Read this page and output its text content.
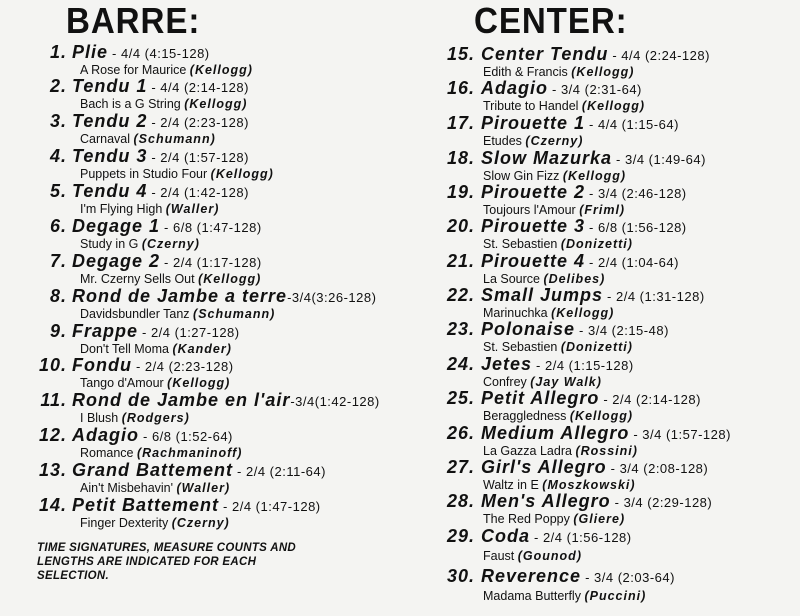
BARRE:
1. Plie - 4/4 (4:15-128)
A Rose for Maurice (Kellogg)
2. Tendu 1 - 4/4 (2:14-128)
Bach is a G String (Kellogg)
3. Tendu 2 - 2/4 (2:23-128)
Carnaval (Schumann)
4. Tendu 3 - 2/4 (1:57-128)
Puppets in Studio Four (Kellogg)
5. Tendu 4 - 2/4 (1:42-128)
I'm Flying High (Waller)
6. Degage 1 - 6/8 (1:47-128)
Study in G (Czerny)
7. Degage 2 - 2/4 (1:17-128)
Mr. Czerny Sells Out (Kellogg)
8. Rond de Jambe a terre-3/4(3:26-128)
Davidsbundler Tanz (Schumann)
9. Frappe - 2/4 (1:27-128)
Don't Tell Moma (Kander)
10. Fondu - 2/4 (2:23-128)
Tango d'Amour (Kellogg)
11. Rond de Jambe en l'air-3/4(1:42-128)
I Blush (Rodgers)
12. Adagio - 6/8 (1:52-64)
Romance (Rachmaninoff)
13. Grand Battement - 2/4 (2:11-64)
Ain't Misbehavin' (Waller)
14. Petit Battement - 2/4 (1:47-128)
Finger Dexterity (Czerny)
TIME SIGNATURES, MEASURE COUNTS AND LENGTHS ARE INDICATED FOR EACH SELECTION.
CENTER:
15. Center Tendu - 4/4 (2:24-128)
Edith & Francis (Kellogg)
16. Adagio - 3/4 (2:31-64)
Tribute to Handel (Kellogg)
17. Pirouette 1 - 4/4 (1:15-64)
Etudes (Czerny)
18. Slow Mazurka - 3/4 (1:49-64)
Slow Gin Fizz (Kellogg)
19. Pirouette 2 - 3/4 (2:46-128)
Toujours l'Amour (Friml)
20. Pirouette 3 - 6/8 (1:56-128)
St. Sebastien (Donizetti)
21. Pirouette 4 - 2/4 (1:04-64)
La Source (Delibes)
22. Small Jumps - 2/4 (1:31-128)
Marinuchka (Kellogg)
23. Polonaise - 3/4 (2:15-48)
St. Sebastien (Donizetti)
24. Jetes - 2/4 (1:15-128)
Confrey (Jay Walk)
25. Petit Allegro - 2/4 (2:14-128)
Beraggledness (Kellogg)
26. Medium Allegro - 3/4 (1:57-128)
La Gazza Ladra (Rossini)
27. Girl's Allegro - 3/4 (2:08-128)
Waltz in E (Moszkowski)
28. Men's Allegro - 3/4 (2:29-128)
The Red Poppy (Gliere)
29. Coda - 2/4 (1:56-128)
Faust (Gounod)
30. Reverence - 3/4 (2:03-64)
Madama Butterfly (Puccini)
